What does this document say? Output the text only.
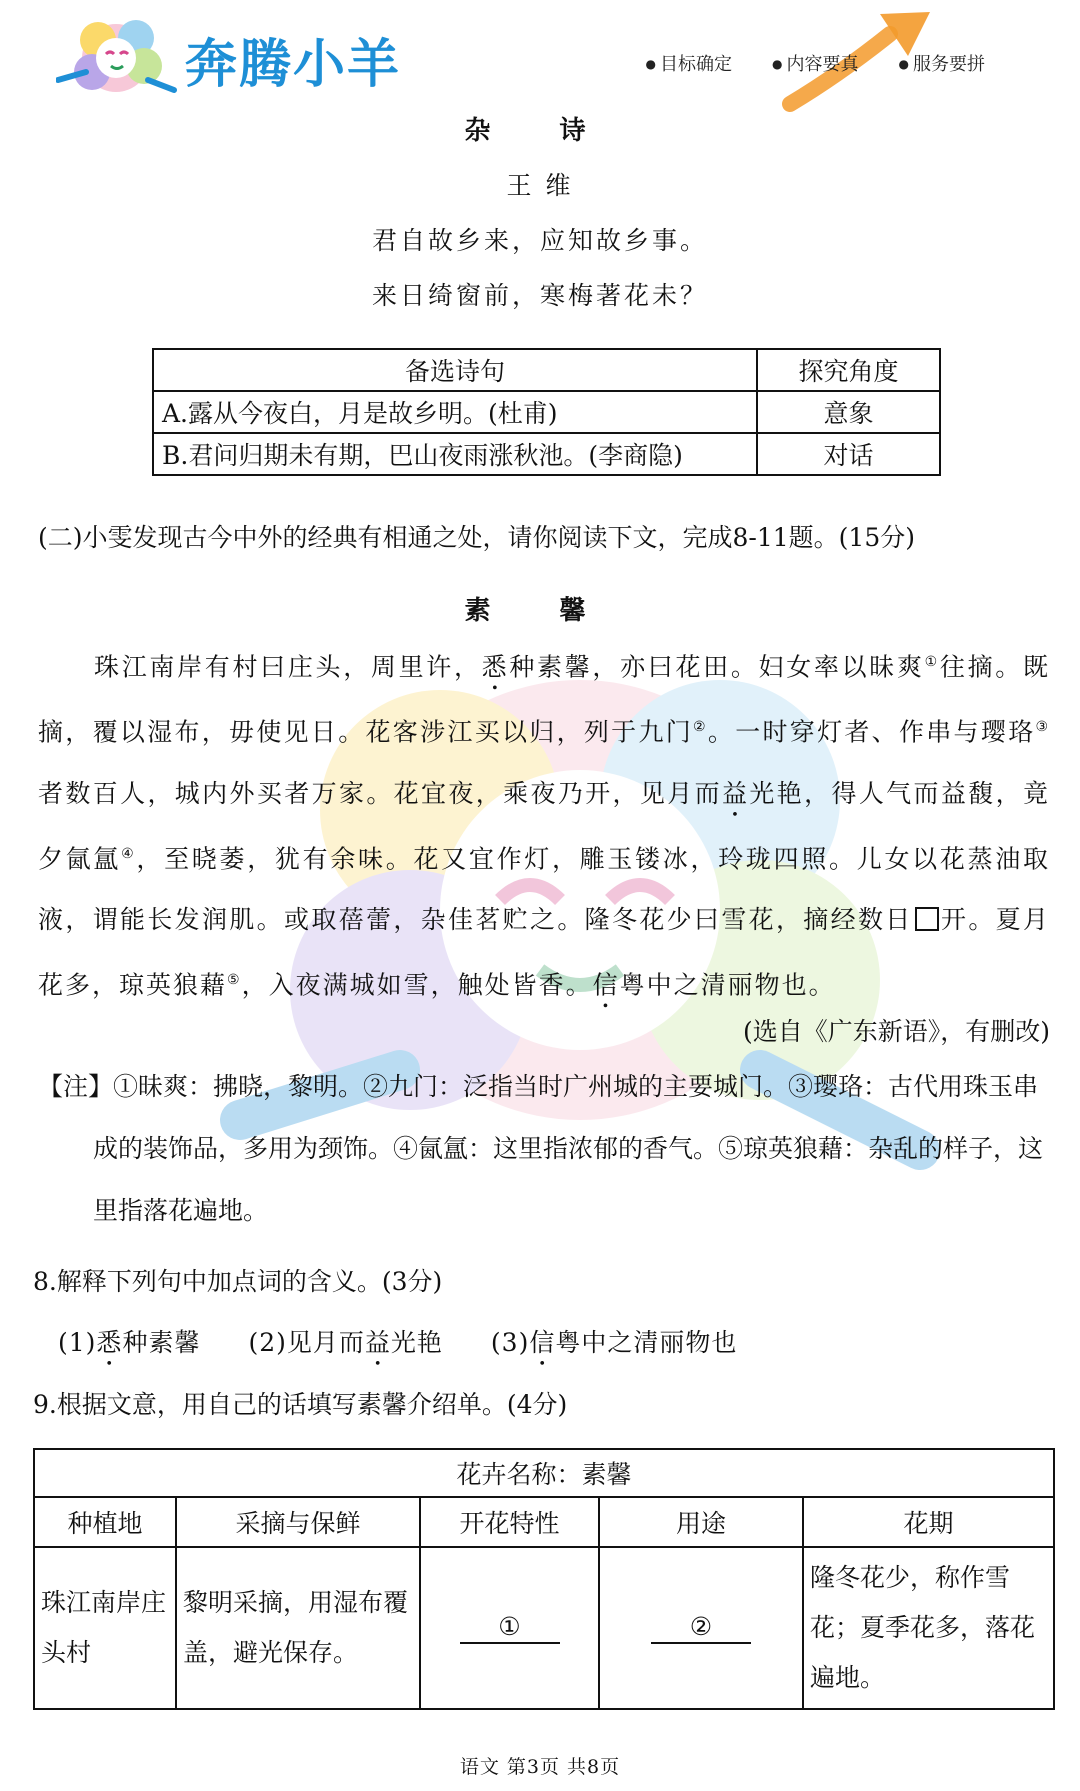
奔腾小羊	● 目标确定	● 内容要真	● 服务要拼
杂 诗
王 维
君自故乡来，应知故乡事。
来日绮窗前，寒梅著花未？
备选诗句	探究角度
A.露从今夜白，月是故乡明。(杜甫)	意象
B.君问归期未有期，巴山夜雨涨秋池。(李商隐)	对话
(二)小雯发现古今中外的经典有相通之处，请你阅读下文，完成8-11题。(15分)
素 馨
珠江南岸有村曰庄头，周里许，悉种素馨，亦曰花田。妇女率以昧爽①往摘。既摘，覆以湿布，毋使见日。花客涉江买以归，列于九门②。一时穿灯者、作串与璎珞③者数百人，城内外买者万家。花宜夜，乘夜乃开，见月而益光艳，得人气而益馥，竟夕氤氲④，至晓萎，犹有余味。花又宜作灯，雕玉镂冰，玲珑四照。儿女以花蒸油取液，谓能长发润肌。或取蓓蕾，杂佳茗贮之。隆冬花少曰雪花，摘经数日 开。夏月花多，琼英狼藉⑤，入夜满城如雪，触处皆香。信粤中之清丽物也。
(选自《广东新语》，有删改)
【注】①昧爽：拂晓，黎明。②九门：泛指当时广州城的主要城门。③璎珞：古代用珠玉串
成的装饰品，多用为颈饰。④氤氲：这里指浓郁的香气。⑤琼英狼藉：杂乱的样子，这里指落花遍地。
8.解释下列句中加点词的含义。(3分)
(1)悉种素馨 (2)见月而益光艳 (3)信粤中之清丽物也
9.根据文意，用自己的话填写素馨介绍单。(4分)
花卉名称：素馨				
种植地	采摘与保鲜	开花特性	用途	花期
珠江南岸庄头村	黎明采摘，用湿布覆盖，避光保存。	①	②	隆冬花少，称作雪花；夏季花多，落花遍地。
语文 第3页 共8页
